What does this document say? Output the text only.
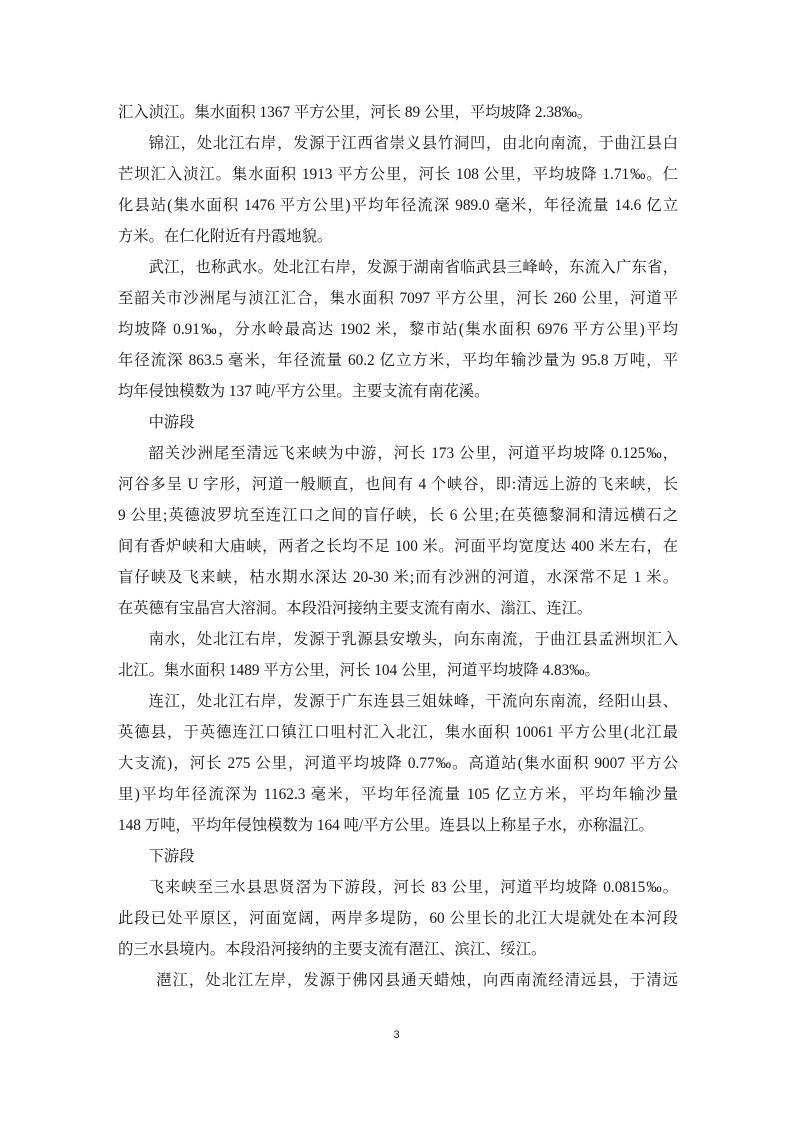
汇入浈江。集水面积 1367 平方公里，河长 89 公里，平均坡降 2.38‰。
锦江，处北江右岸，发源于江西省崇义县竹洞凹，由北向南流，于曲江县白
芒坝汇入浈江。集水面积 1913 平方公里，河长 108 公里，平均坡降 1.71‰。仁
化县站(集水面积 1476 平方公里)平均年径流深 989.0 毫米，年径流量 14.6 亿立
方米。在仁化附近有丹霞地貌。
武江，也称武水。处北江右岸，发源于湖南省临武县三峰岭，东流入广东省，
至韶关市沙洲尾与浈江汇合，集水面积 7097 平方公里，河长 260 公里，河道平
均坡降 0.91‰，分水岭最高达 1902 米，黎市站(集水面积 6976 平方公里)平均
年径流深 863.5 毫米，年径流量 60.2 亿立方米，平均年输沙量为 95.8 万吨，平
均年侵蚀模数为 137 吨/平方公里。主要支流有南花溪。
中游段
韶关沙洲尾至清远飞来峡为中游，河长 173 公里，河道平均坡降 0.125‰，
河谷多呈 U 字形，河道一般顺直，也间有 4 个峡谷，即:清远上游的飞来峡，长
9 公里;英德波罗坑至连江口之间的盲仔峡，长 6 公里;在英德黎洞和清远横石之
间有香炉峡和大庙峡，两者之长均不足 100 米。河面平均宽度达 400 米左右，在
盲仔峡及飞来峡，枯水期水深达 20-30 米;而有沙洲的河道，水深常不足 1 米。
在英德有宝晶宫大溶洞。本段沿河接纳主要支流有南水、滃江、连江。
南水，处北江右岸，发源于乳源县安墩头，向东南流，于曲江县孟洲坝汇入
北江。集水面积 1489 平方公里，河长 104 公里，河道平均坡降 4.83‰。
连江，处北江右岸，发源于广东连县三姐妹峰，干流向东南流，经阳山县、
英德县，于英德连江口镇江口咀村汇入北江，集水面积 10061 平方公里(北江最
大支流)，河长 275 公里，河道平均坡降 0.77‰。高道站(集水面积 9007 平方公
里)平均年径流深为 1162.3 毫米，平均年径流量 105 亿立方米，平均年输沙量
148 万吨，平均年侵蚀模数为 164 吨/平方公里。连县以上称星子水，亦称温江。
下游段
飞来峡至三水县思贤滘为下游段，河长 83 公里，河道平均坡降 0.0815‰。
此段已处平原区，河面宽阔，两岸多堤防，60 公里长的北江大堤就处在本河段
的三水县境内。本段沿河接纳的主要支流有潖江、滨江、绥江。
潖江，处北江左岸，发源于佛冈县通天蜡烛，向西南流经清远县，于清远
3
